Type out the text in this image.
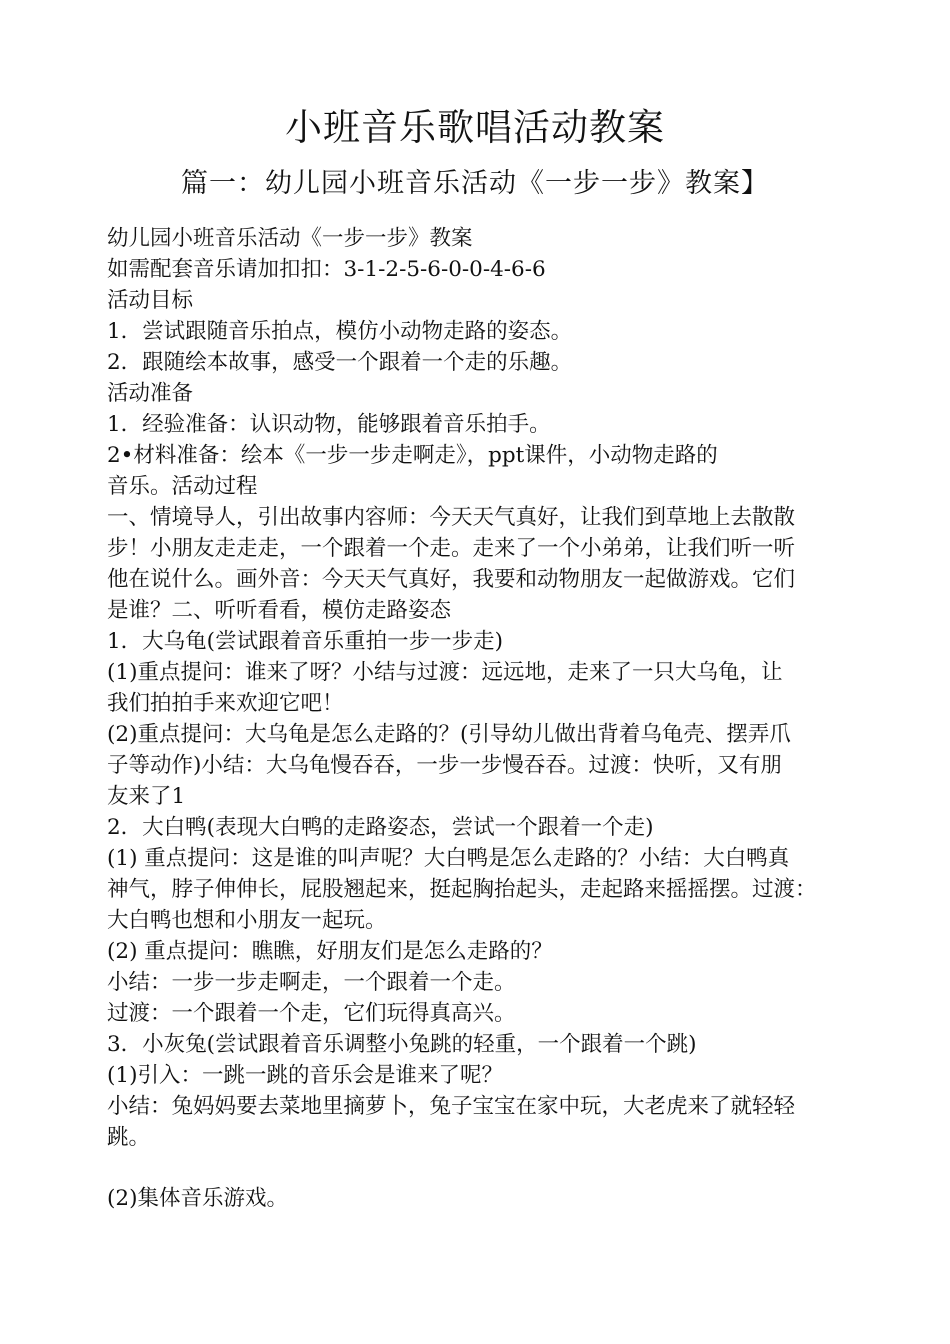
小班音乐歌唱活动教案
篇一：幼儿园小班音乐活动《一步一步》教案】
幼儿园小班音乐活动《一步一步》教案
如需配套音乐请加扣扣：3-1-2-5-6-0-0-4-6-6
活动目标
1．尝试跟随音乐拍点，模仿小动物走路的姿态。
2．跟随绘本故事，感受一个跟着一个走的乐趣。
活动准备
1．经验准备：认识动物，能够跟着音乐拍手。
2•材料准备：绘本《一步一步走啊走》，ppt课件，小动物走路的
音乐。活动过程
一、情境导人，引出故事内容师：今天天气真好，让我们到草地上去散散
步！小朋友走走走，一个跟着一个走。走来了一个小弟弟，让我们听一听
他在说什么。画外音：今天天气真好，我要和动物朋友一起做游戏。它们
是谁？二、听听看看，模仿走路姿态
1．大乌龟(尝试跟着音乐重拍一步一步走)
(1)重点提问：谁来了呀？小结与过渡：远远地，走来了一只大乌龟，让
我们拍拍手来欢迎它吧！
(2)重点提问：大乌龟是怎么走路的？(引导幼儿做出背着乌龟壳、摆弄爪
子等动作)小结：大乌龟慢吞吞，一步一步慢吞吞。过渡：快听，又有朋
友来了1
2．大白鸭(表现大白鸭的走路姿态，尝试一个跟着一个走)
(1) 重点提问：这是谁的叫声呢？大白鸭是怎么走路的？小结：大白鸭真
神气，脖子伸伸长，屁股翘起来，挺起胸抬起头，走起路来摇摇摆。过渡：
大白鸭也想和小朋友一起玩。
(2) 重点提问：瞧瞧，好朋友们是怎么走路的？
小结：一步一步走啊走，一个跟着一个走。
过渡：一个跟着一个走，它们玩得真高兴。
3．小灰兔(尝试跟着音乐调整小兔跳的轻重，一个跟着一个跳)
(1)引入：一跳一跳的音乐会是谁来了呢？
小结：兔妈妈要去菜地里摘萝卜，兔子宝宝在家中玩，大老虎来了就轻轻
跳。
(2)集体音乐游戏。
